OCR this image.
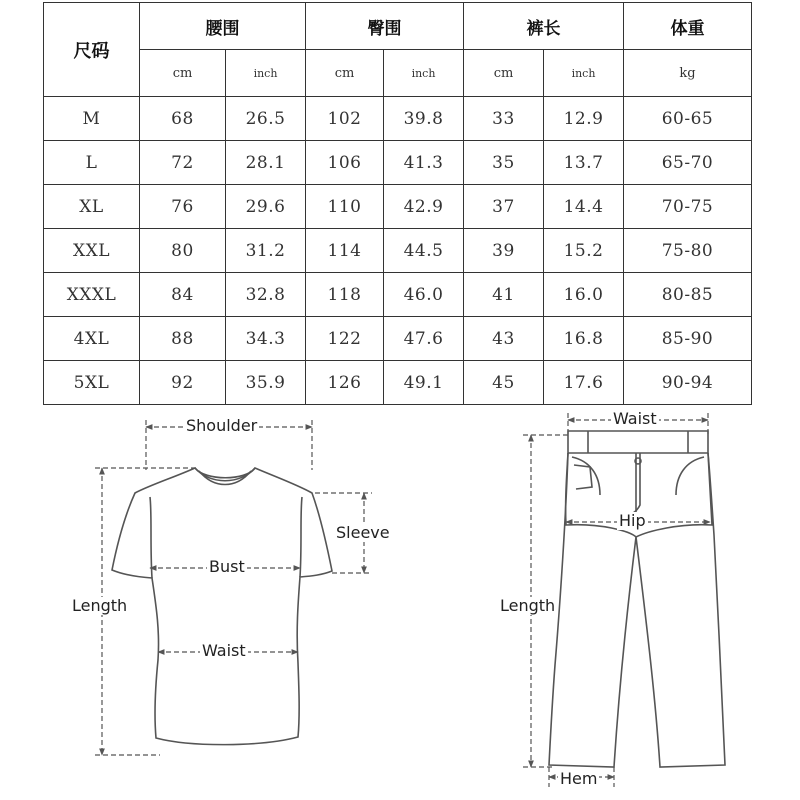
尺码	腰围		臀围		裤长		体重
	cm	inch	cm	inch	cm	inch	kg
M	68	26.5	102	39.8	33	12.9	60-65
L	72	28.1	106	41.3	35	13.7	65-70
XL	76	29.6	110	42.9	37	14.4	70-75
XXL	80	31.2	114	44.5	39	15.2	75-80
XXXL	84	32.8	118	46.0	41	16.0	80-85
4XL	88	34.3	122	47.6	43	16.8	85-90
5XL	92	35.9	126	49.1	45	17.6	90-94
Shoulder
Sleeve
Bust
Length
Waist
Waist
Hip
Length
Hem
